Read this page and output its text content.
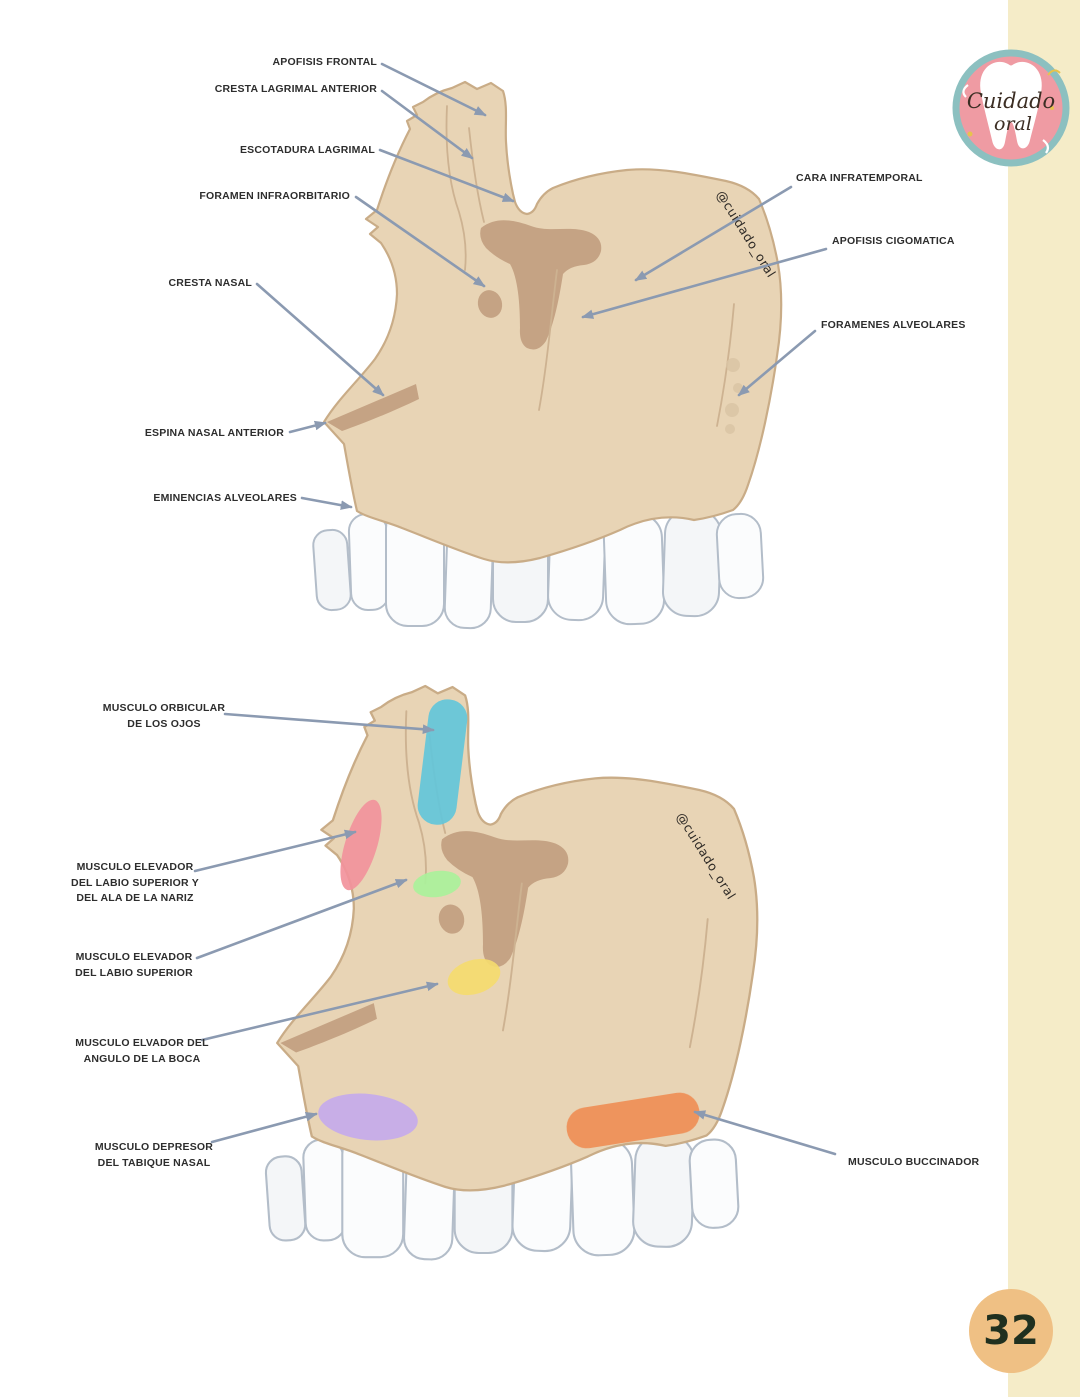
@cuidado_oral
@cuidado_oral
APOFISIS FRONTAL
CRESTA LAGRIMAL ANTERIOR
ESCOTADURA LAGRIMAL
FORAMEN INFRAORBITARIO
CRESTA NASAL
ESPINA NASAL ANTERIOR
EMINENCIAS ALVEOLARES
CARA INFRATEMPORAL
APOFISIS CIGOMATICA
FORAMENES ALVEOLARES
MUSCULO ORBICULAR
DE LOS OJOS
MUSCULO ELEVADOR
DEL LABIO SUPERIOR Y
DEL ALA DE LA NARIZ
MUSCULO ELEVADOR
DEL LABIO SUPERIOR
MUSCULO ELVADOR DEL
ANGULO DE LA BOCA
MUSCULO DEPRESOR
DEL TABIQUE NASAL	MUSCULO BUCCINADOR
Cuidado
oral
32
